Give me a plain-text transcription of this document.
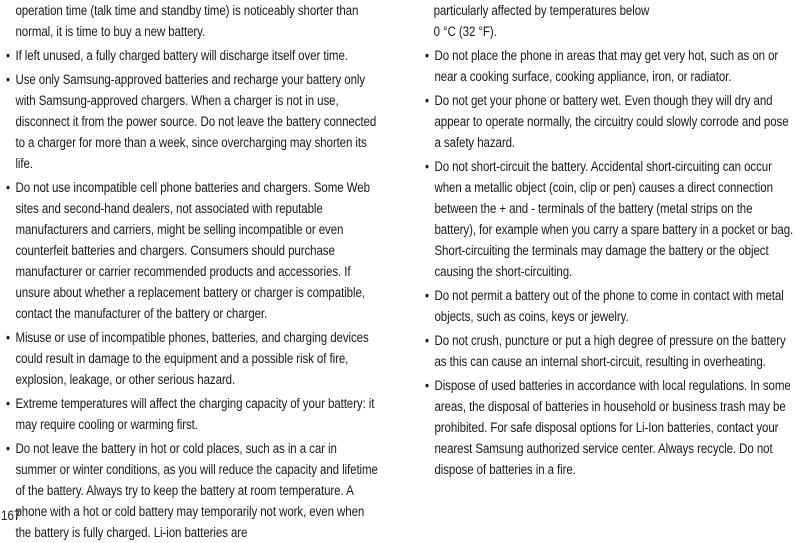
operation time (talk time and standby time) is noticeably shorter than normal, it is time to buy a new battery.

• If left unused, a fully charged battery will discharge itself over time.
• Use only Samsung-approved batteries and recharge your battery only with Samsung-approved chargers. When a charger is not in use, disconnect it from the power source. Do not leave the battery connected to a charger for more than a week, since overcharging may shorten its life.
• Do not use incompatible cell phone batteries and chargers. Some Web sites and second-hand dealers, not associated with reputable manufacturers and carriers, might be selling incompatible or even counterfeit batteries and chargers. Consumers should purchase manufacturer or carrier recommended products and accessories. If unsure about whether a replacement battery or charger is compatible, contact the manufacturer of the battery or charger.
• Misuse or use of incompatible phones, batteries, and charging devices could result in damage to the equipment and a possible risk of fire, explosion, leakage, or other serious hazard.
• Extreme temperatures will affect the charging capacity of your battery: it may require cooling or warming first.
• Do not leave the battery in hot or cold places, such as in a car in summer or winter conditions, as you will reduce the capacity and lifetime of the battery. Always try to keep the battery at room temperature. A phone with a hot or cold battery may temporarily not work, even when the battery is fully charged. Li-ion batteries are

particularly affected by temperatures below

0 °C (32 °F).

• Do not place the phone in areas that may get very hot, such as on or near a cooking surface, cooking appliance, iron, or radiator.
• Do not get your phone or battery wet. Even though they will dry and appear to operate normally, the circuitry could slowly corrode and pose a safety hazard.
• Do not short-circuit the battery. Accidental short-circuiting can occur when a metallic object (coin, clip or pen) causes a direct connection between the + and - terminals of the battery (metal strips on the battery), for example when you carry a spare battery in a pocket or bag. Short-circuiting the terminals may damage the battery or the object causing the short-circuiting.
• Do not permit a battery out of the phone to come in contact with metal objects, such as coins, keys or jewelry.
• Do not crush, puncture or put a high degree of pressure on the battery as this can cause an internal short-circuit, resulting in overheating.
• Dispose of used batteries in accordance with local regulations. In some areas, the disposal of batteries in household or business trash may be prohibited. For safe disposal options for Li-Ion batteries, contact your nearest Samsung authorized service center. Always recycle. Do not dispose of batteries in a fire.
167
